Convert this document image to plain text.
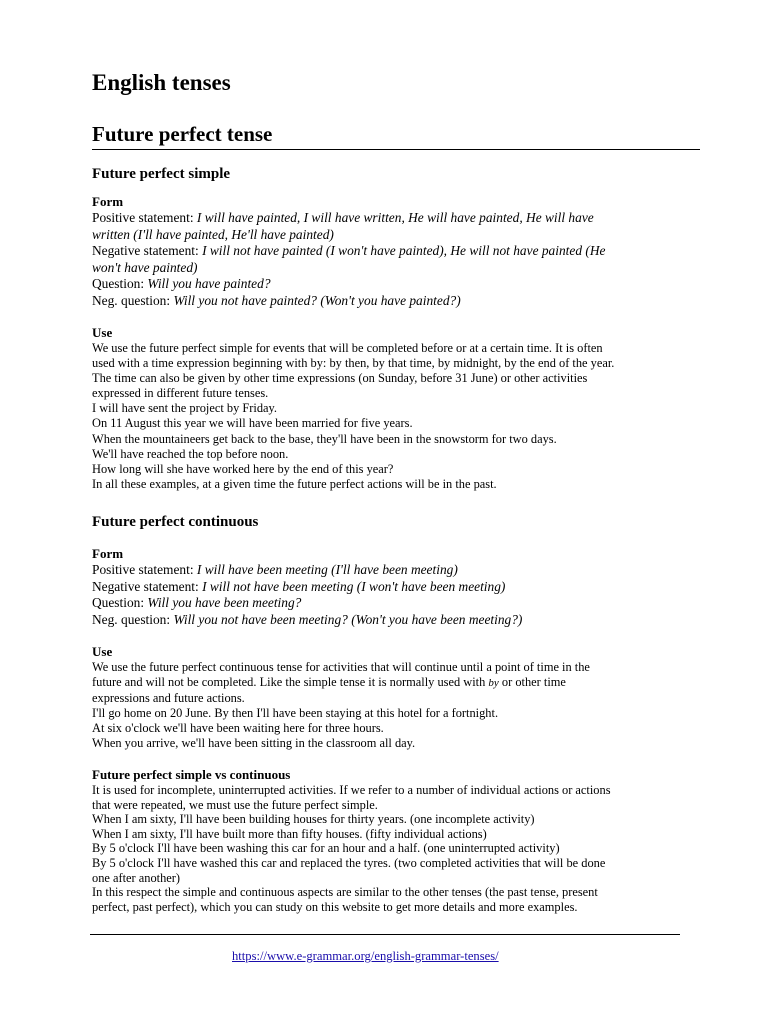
English tenses
Future perfect tense
Future perfect simple
Form

Positive statement: I will have painted, I will have written, He will have painted, He will have

written (I'll have painted, He'll have painted)

Negative statement: I will not have painted (I won't have painted), He will not have painted (He

won't have painted)

Question: Will you have painted?

Neg. question: Will you not have painted? (Won't you have painted?)

Use

We use the future perfect simple for events that will be completed before or at a certain time. It is often

used with a time expression beginning with by: by then, by that time, by midnight, by the end of the year.

The time can also be given by other time expressions (on Sunday, before 31 June) or other activities

expressed in different future tenses.

I will have sent the project by Friday.

On 11 August this year we will have been married for five years.

When the mountaineers get back to the base, they'll have been in the snowstorm for two days.

We'll have reached the top before noon.

How long will she have worked here by the end of this year?

In all these examples, at a given time the future perfect actions will be in the past.

Future perfect continuous
Form

Positive statement: I will have been meeting (I'll have been meeting)

Negative statement: I will not have been meeting (I won't have been meeting)

Question: Will you have been meeting?

Neg. question: Will you not have been meeting? (Won't you have been meeting?)

Use

We use the future perfect continuous tense for activities that will continue until a point of time in the

future and will not be completed. Like the simple tense it is normally used with by or other time

expressions and future actions.

I'll go home on 20 June. By then I'll have been staying at this hotel for a fortnight.

At six o'clock we'll have been waiting here for three hours.

When you arrive, we'll have been sitting in the classroom all day.

Future perfect simple vs continuous

It is used for incomplete, uninterrupted activities. If we refer to a number of individual actions or actions

that were repeated, we must use the future perfect simple.

When I am sixty, I'll have been building houses for thirty years. (one incomplete activity)

When I am sixty, I'll have built more than fifty houses. (fifty individual actions)

By 5 o'clock I'll have been washing this car for an hour and a half. (one uninterrupted activity)

By 5 o'clock I'll have washed this car and replaced the tyres. (two completed activities that will be done

one after another)

In this respect the simple and continuous aspects are similar to the other tenses (the past tense, present

perfect, past perfect), which you can study on this website to get more details and more examples.

https://www.e-grammar.org/english-grammar-tenses/
